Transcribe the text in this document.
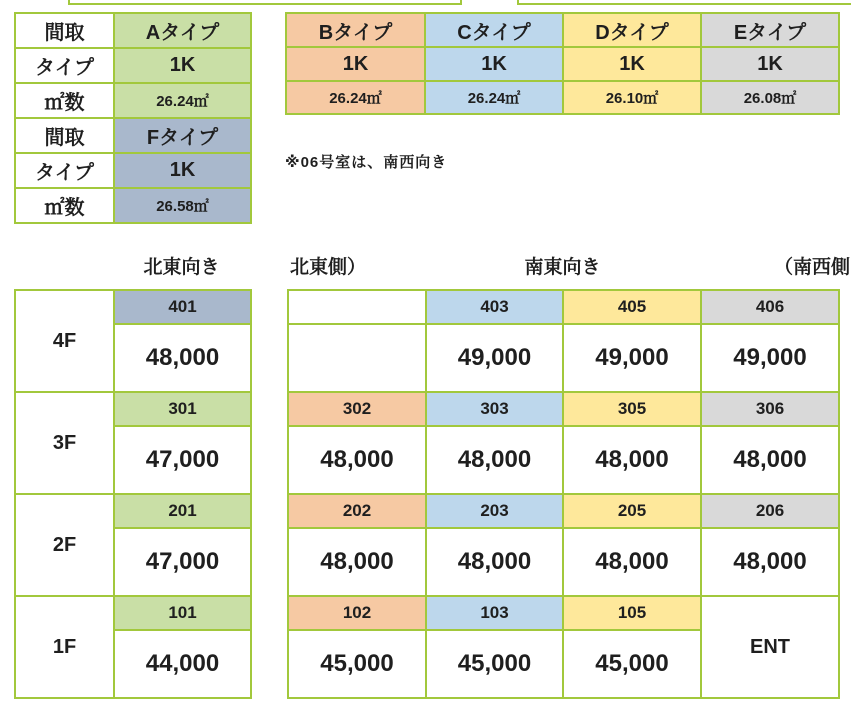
間取	Aタイプ
タイプ	1K
㎡数	26.24㎡
間取	Fタイプ
タイプ	1K
㎡数	26.58㎡
Bタイプ	Cタイプ	Dタイプ	Eタイプ
1K	1K	1K	1K
26.24㎡	26.24㎡	26.10㎡	26.08㎡
※06号室は、南西向き
北東向き	北東側）	南東向き	（南西側
4F	401
	48,000
3F	301
	47,000
2F	201
	47,000
1F	101
	44,000
	403	405	406
	49,000	49,000	49,000
302	303	305	306
48,000	48,000	48,000	48,000
202	203	205	206
48,000	48,000	48,000	48,000
102	103	105	ENT
45,000	45,000	45,000	
